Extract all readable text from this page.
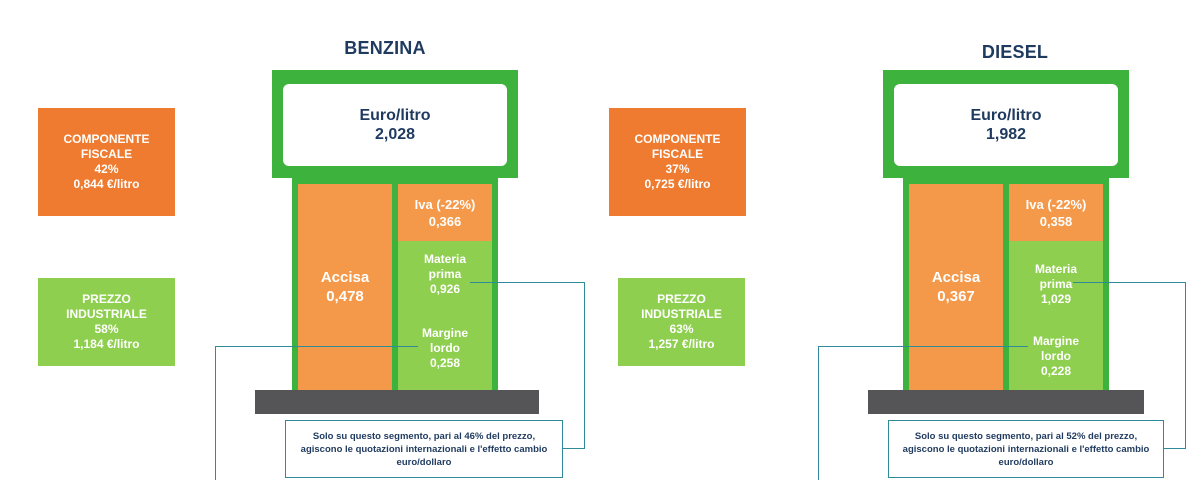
BENZINA
COMPONENTE
FISCALE
42%
0,844 €/litro
PREZZO
INDUSTRIALE
58%
1,184 €/litro
Euro/litro
2,028
Accisa
0,478
Iva (-22%)
0,366
Materia
prima
0,926
Margine
lordo
0,258
Solo su questo segmento, pari al 46% del prezzo,
agiscono le quotazioni internazionali e l'effetto cambio
euro/dollaro
DIESEL
COMPONENTE
FISCALE
37%
0,725 €/litro
PREZZO
INDUSTRIALE
63%
1,257 €/litro
Euro/litro
1,982
Accisa
0,367
Iva (-22%)
0,358
Materia
prima
1,029
Margine
lordo
0,228
Solo su questo segmento, pari al 52% del prezzo,
agiscono le quotazioni internazionali e l'effetto cambio
euro/dollaro
